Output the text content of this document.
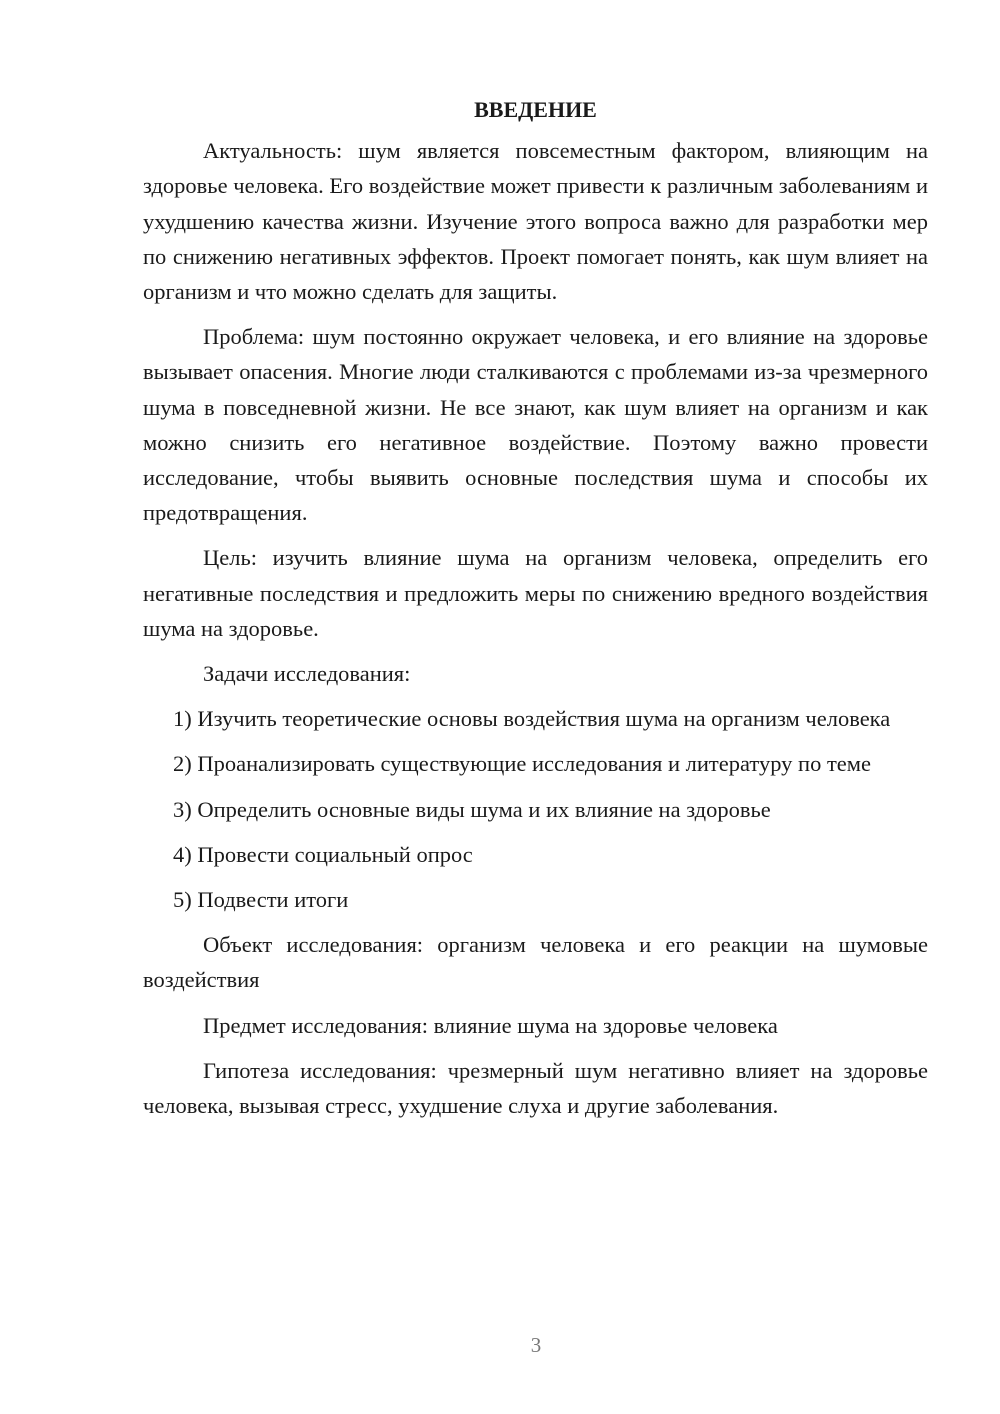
ВВЕДЕНИЕ

Актуальность: шум является повсеместным фактором, влияющим на здоровье человека. Его воздействие может привести к различным заболеваниям и ухудшению качества жизни. Изучение этого вопроса важно для разработки мер по снижению негативных эффектов. Проект помогает понять, как шум влияет на организм и что можно сделать для защиты.

Проблема: шум постоянно окружает человека, и его влияние на здоровье вызывает опасения. Многие люди сталкиваются с проблемами из-за чрезмерного шума в повседневной жизни. Не все знают, как шум влияет на организм и как можно снизить его негативное воздействие. Поэтому важно провести исследование, чтобы выявить основные последствия шума и способы их предотвращения.

Цель: изучить влияние шума на организм человека, определить его негативные последствия и предложить меры по снижению вредного воздействия шума на здоровье.

Задачи исследования:

1) Изучить теоретические основы воздействия шума на организм человека

2) Проанализировать существующие исследования и литературу по теме

3) Определить основные виды шума и их влияние на здоровье

4) Провести социальный опрос

5) Подвести итоги

Объект исследования: организм человека и его реакции на шумовые воздействия

Предмет исследования: влияние шума на здоровье человека

Гипотеза исследования: чрезмерный шум негативно влияет на здоровье человека, вызывая стресс, ухудшение слуха и другие заболевания.

3
